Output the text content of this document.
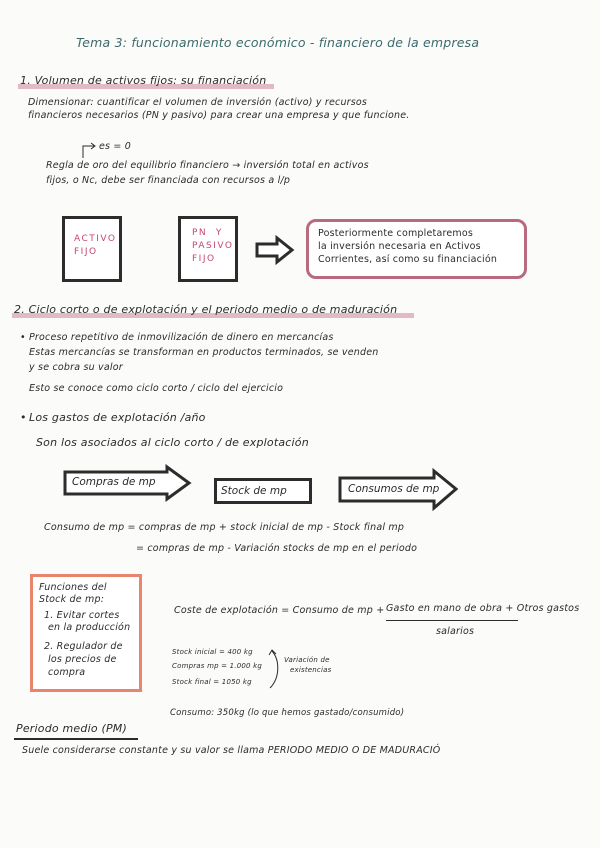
Tema 3: funcionamiento económico - financiero de la empresa
1. Volumen de activos fijos: su financiación
Dimensionar: cuantificar el volumen de inversión (activo) y recursos
financieros necesarios (PN y pasivo) para crear una empresa y que funcione.
es = 0
Regla de oro del equilibrio financiero → inversión total en activos
fijos, o Nc, debe ser financiada con recursos a l/p
ACTIVO
FIJO
PN  Y
PASIVO
FIJO
Posteriormente completaremos
la inversión necesaria en Activos
Corrientes, así como su financiación
2. Ciclo corto o de explotación y el periodo medio o de maduración
• Proceso repetitivo de inmovilización de dinero en mercancías
Estas mercancías se transforman en productos terminados, se venden
y se cobra su valor
Esto se conoce como ciclo corto / ciclo del ejercicio
• Los gastos de explotación /año
Son los asociados al ciclo corto / de explotación
Compras de mp
Stock de mp	Consumos de mp
Consumo de mp = compras de mp + stock inicial de mp - Stock final mp
= compras de mp - Variación stocks de mp en el periodo
Funciones del
Stock de mp:
1. Evitar cortes
en la producción
2. Regulador de
los precios de
compra
Coste de explotación = Consumo de mp + Gasto en mano de obra + Otros gastos
salarios
Stock inicial = 400 kg
Compras mp = 1.000 kg
Stock final = 1050 kg
Variación de
existencias
Consumo: 350kg (lo que hemos gastado/consumido)
Periodo medio (PM)
Suele considerarse constante y su valor se llama PERIODO MEDIO O DE MADURACIÓ
